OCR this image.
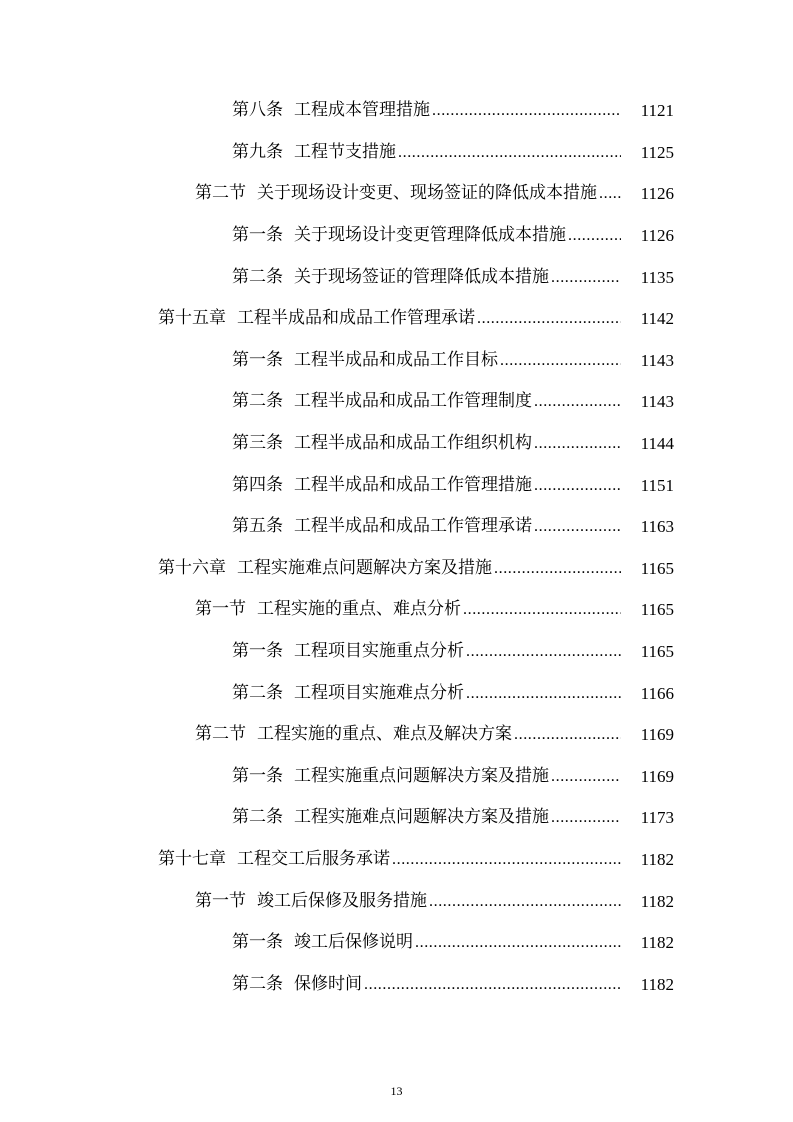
第八条 工程成本管理措施 .....	1121
第九条 工程节支措施 .....	1125
第二节 关于现场设计变更、现场签证的降低成本措施 .....	1126
第一条 关于现场设计变更管理降低成本措施 .....	1126
第二条 关于现场签证的管理降低成本措施 .....	1135
第十五章 工程半成品和成品工作管理承诺 .....	1142
第一条 工程半成品和成品工作目标 .....	1143
第二条 工程半成品和成品工作管理制度 .....	1143
第三条 工程半成品和成品工作组织机构 .....	1144
第四条 工程半成品和成品工作管理措施 .....	1151
第五条 工程半成品和成品工作管理承诺 .....	1163
第十六章 工程实施难点问题解决方案及措施 .....	1165
第一节 工程实施的重点、难点分析 .....	1165
第一条 工程项目实施重点分析 .....	1165
第二条 工程项目实施难点分析 .....	1166
第二节 工程实施的重点、难点及解决方案 .....	1169
第一条 工程实施重点问题解决方案及措施 .....	1169
第二条 工程实施难点问题解决方案及措施 .....	1173
第十七章 工程交工后服务承诺 .....	1182
第一节 竣工后保修及服务措施 .....	1182
第一条 竣工后保修说明 .....	1182
第二条 保修时间 .....	1182
13
